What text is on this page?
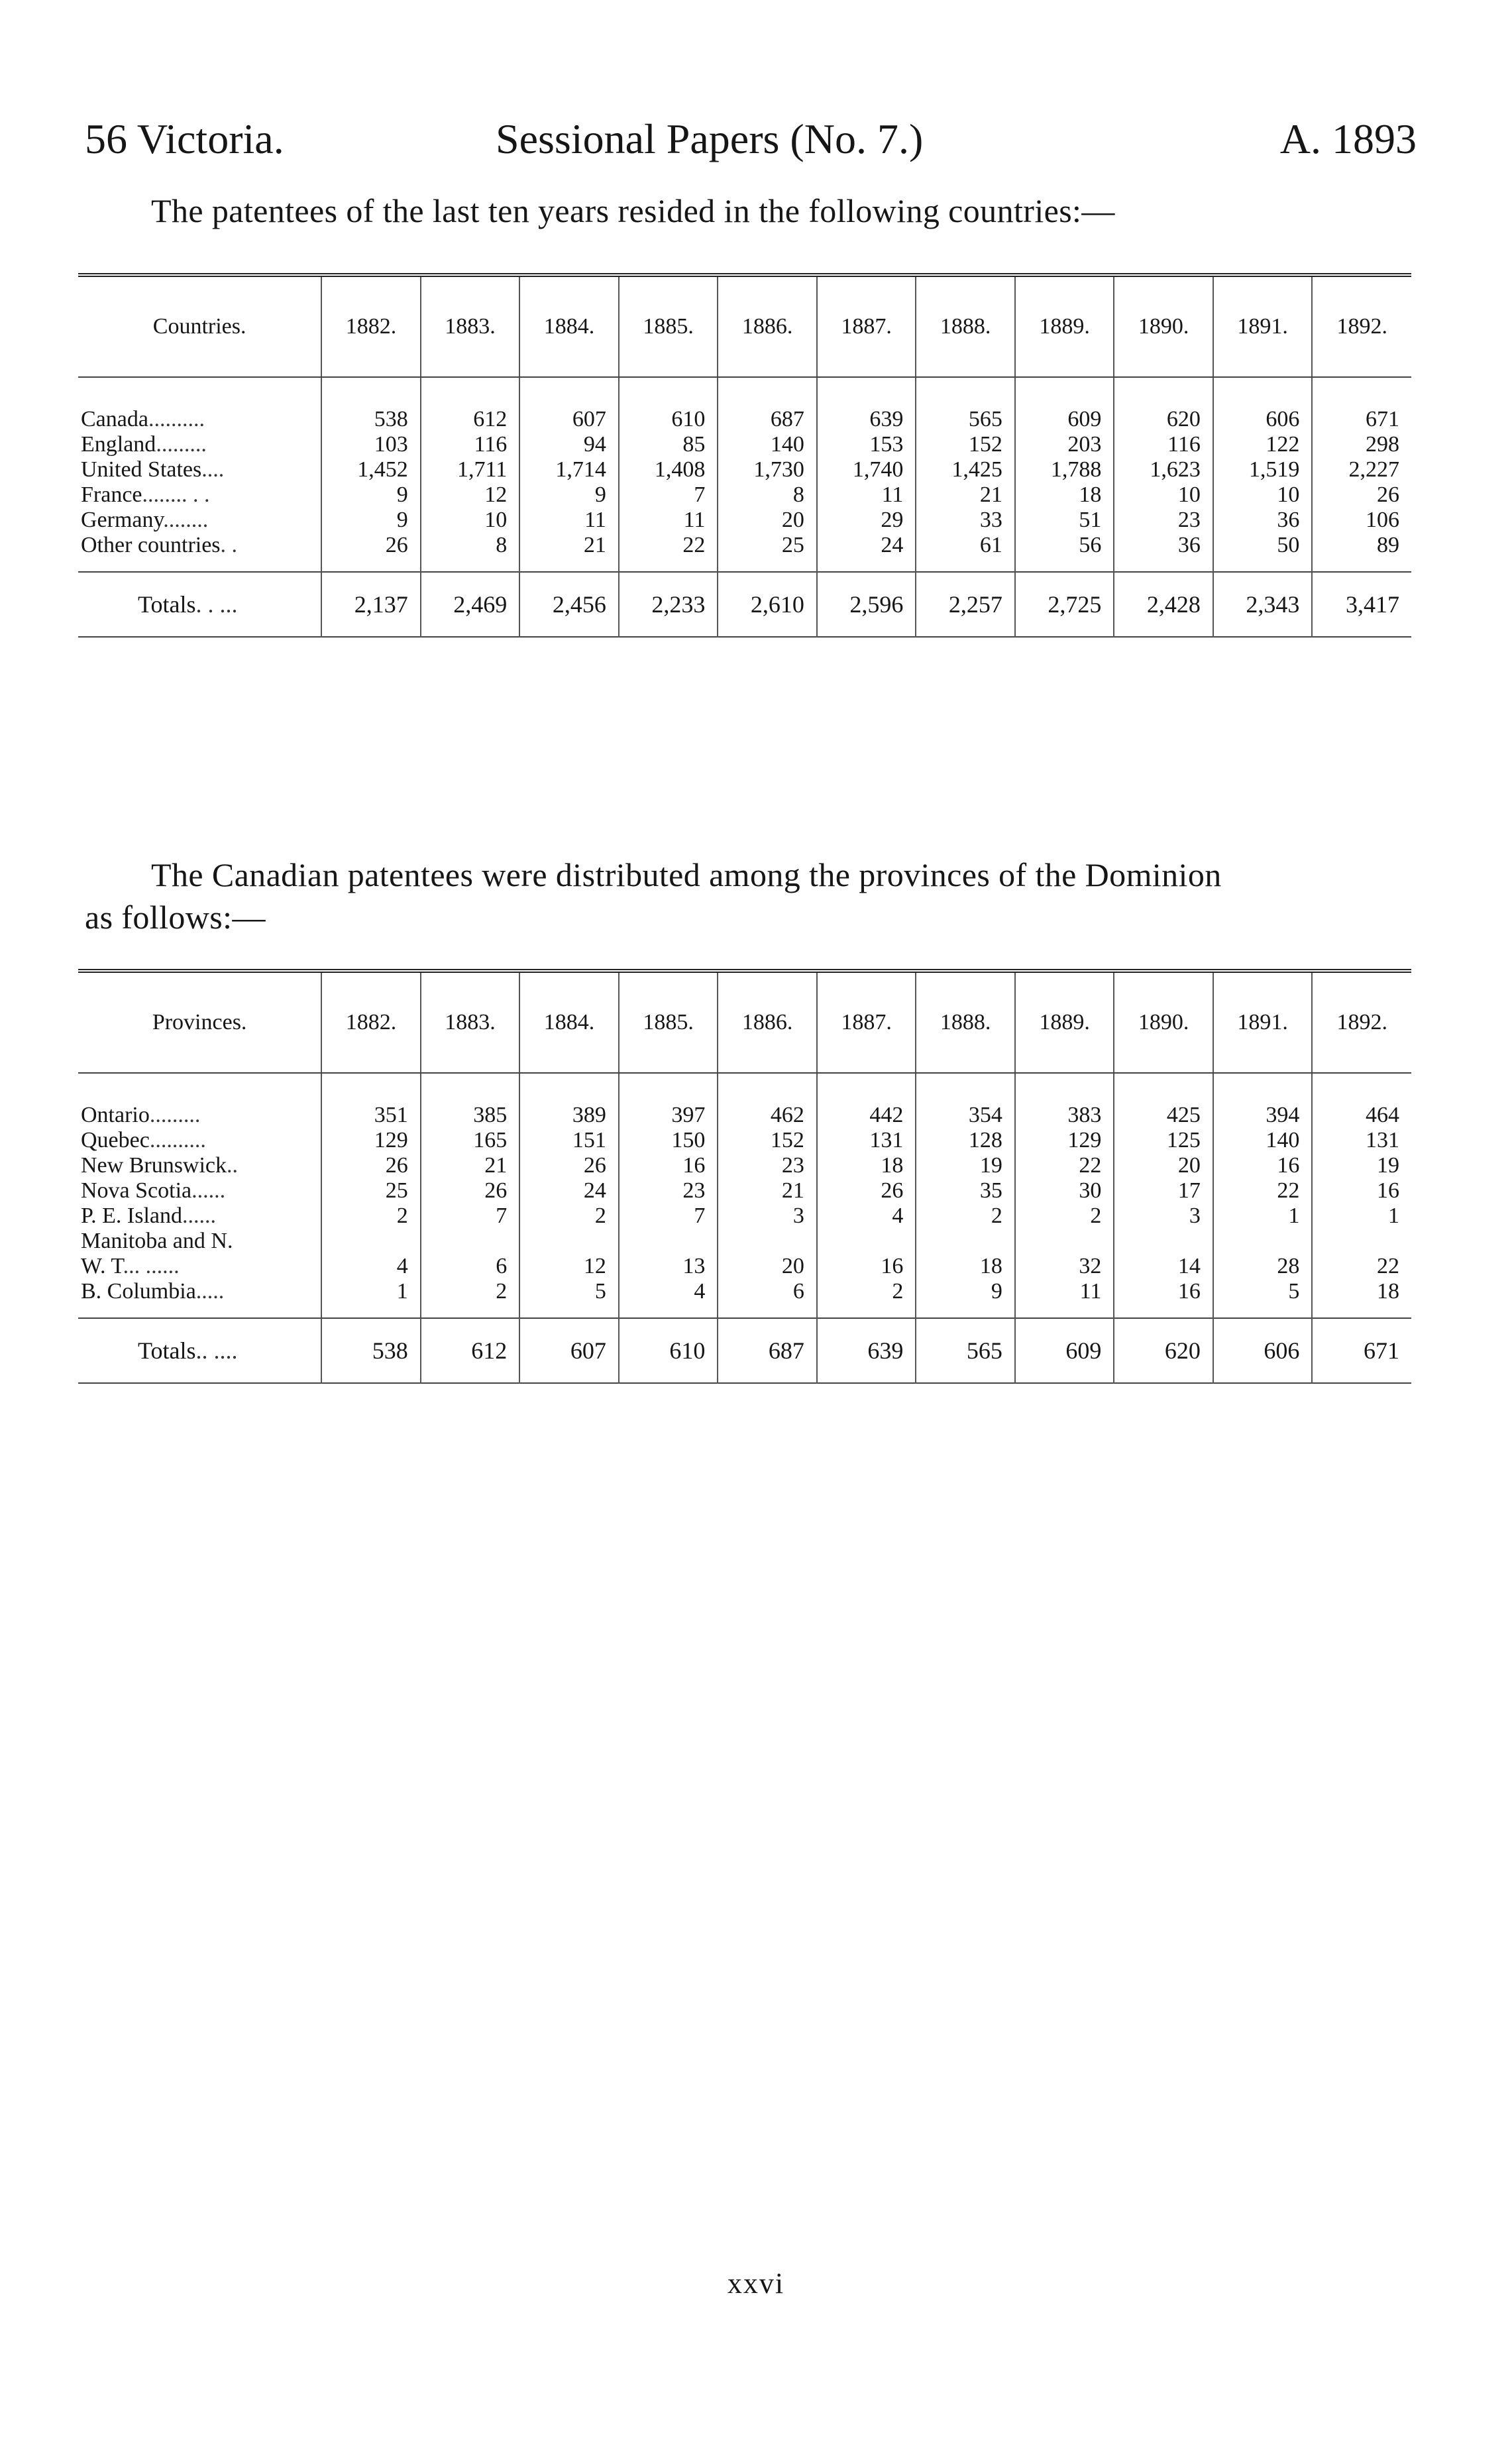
56 Victoria.	Sessional Papers (No. 7.)	A. 1893
The patentees of the last ten years resided in the following countries:—
Countries.	1882.	1883.	1884.	1885.	1886.	1887.	1888.	1889.	1890.	1891.	1892.
Canada..........	538	612	607	610	687	639	565	609	620	606	671
England.........	103	116	94	85	140	153	152	203	116	122	298
United States....	1,452	1,711	1,714	1,408	1,730	1,740	1,425	1,788	1,623	1,519	2,227
France........ . .	9	12	9	7	8	11	21	18	10	10	26
Germany........	9	10	11	11	20	29	33	51	23	36	106
Other countries. .	26	8	21	22	25	24	61	56	36	50	89
Totals. . ...	2,137	2,469	2,456	2,233	2,610	2,596	2,257	2,725	2,428	2,343	3,417
The Canadian patentees were distributed among the provinces of the Dominion
as follows:—
Provinces.	1882.	1883.	1884.	1885.	1886.	1887.	1888.	1889.	1890.	1891.	1892.
Ontario.........	351	385	389	397	462	442	354	383	425	394	464
Quebec..........	129	165	151	150	152	131	128	129	125	140	131
New Brunswick..	26	21	26	16	23	18	19	22	20	16	19
Nova Scotia......	25	26	24	23	21	26	35	30	17	22	16
P. E. Island......	2	7	2	7	3	4	2	2	3	1	1
Manitoba and N.											
W. T... ......	4	6	12	13	20	16	18	32	14	28	22
B. Columbia.....	1	2	5	4	6	2	9	11	16	5	18
Totals.. ....	538	612	607	610	687	639	565	609	620	606	671
xxvi
